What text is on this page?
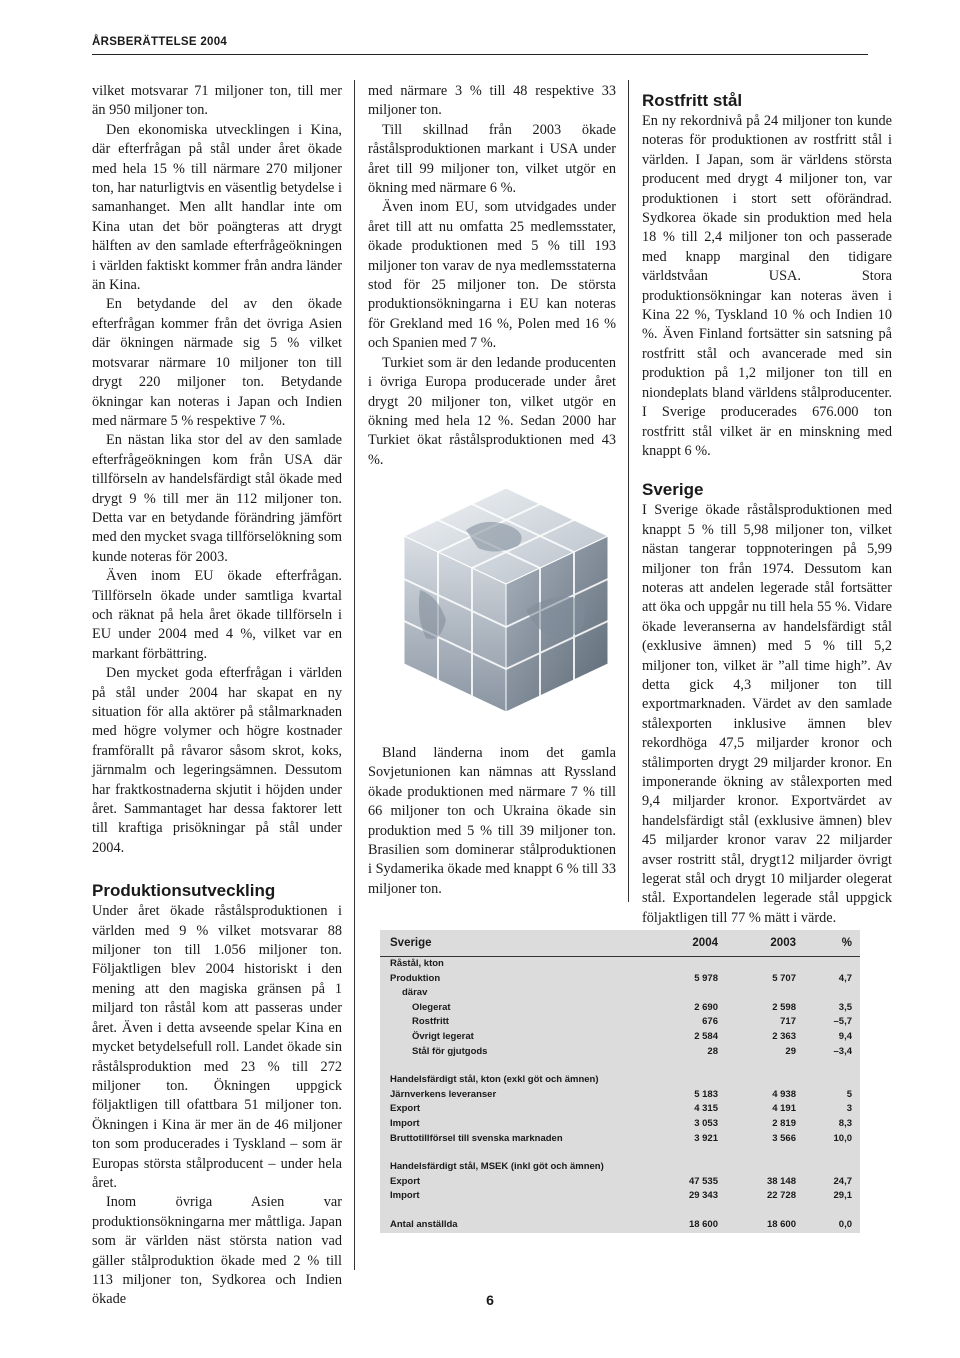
ÅRSBERÄTTELSE 2004

vilket motsvarar 71 miljoner ton, till mer än 950 miljoner ton.

Den ekonomiska utvecklingen i Kina, där efterfrågan på stål under året ökade med hela 15 % till närmare 270 miljoner ton, har naturligtvis en väsentlig betydelse i samanhanget. Men allt handlar inte om Kina utan det bör poängteras att drygt hälften av den samlade efterfrågeökningen i världen faktiskt kommer från andra länder än Kina.

En betydande del av den ökade efterfrågan kommer från det övriga Asien där ökningen närmade sig 5 % vilket motsvarar närmare 10 miljoner ton till drygt 220 miljoner ton. Betydande ökningar kan noteras i Japan och Indien med närmare 5 % respektive 7 %.

En nästan lika stor del av den samlade efterfrågeökningen kom från USA där tillförseln av handelsfärdigt stål ökade med drygt 9 % till mer än 112 miljoner ton. Detta var en betydande förändring jämfört med den mycket svaga tillförselökning som kunde noteras för 2003.

Även inom EU ökade efterfrågan. Tillförseln ökade under samtliga kvartal och räknat på hela året ökade tillförseln i EU under 2004 med 4 %, vilket var en markant förbättring.

Den mycket goda efterfrågan i världen på stål under 2004 har skapat en ny situation för alla aktörer på stålmarknaden med högre volymer och högre kostnader framförallt på råvaror såsom skrot, koks, järnmalm och legeringsämnen. Dessutom har fraktkostnaderna skjutit i höjden under året. Sammantaget har dessa faktorer lett till kraftiga prisökningar på stål under 2004.

Produktionsutveckling

Under året ökade råstålsproduktionen i världen med 9 % vilket motsvarar 88 miljoner ton till 1.056 miljoner ton. Följaktligen blev 2004 historiskt i den mening att den magiska gränsen på 1 miljard ton råstål kom att passeras under året. Även i detta avseende spelar Kina en mycket betydelsefull roll. Landet ökade sin råstålsproduktion med 23 % till 272 miljoner ton. Ökningen uppgick följaktligen till ofattbara 51 miljoner ton. Ökningen i Kina är mer än de 46 miljoner ton som producerades i Tyskland – som är Europas största stålproducent – under hela året.

Inom övriga Asien var produktionsökningarna mer måttliga. Japan som är världen näst största nation vad gäller stålproduktion ökade med 2 % till 113 miljoner ton, Sydkorea och Indien ökade

med närmare 3 % till 48 respektive 33 miljoner ton.

Till skillnad från 2003 ökade råstålsproduktionen markant i USA under året till 99 miljoner ton, vilket utgör en ökning med närmare 6 %.

Även inom EU, som utvidgades under året till att nu omfatta 25 medlemsstater, ökade produktionen med 5 % till 193 miljoner ton varav de nya medlemsstaterna stod för 25 miljoner ton. De största produktionsökningarna i EU kan noteras för Grekland med 16 %, Polen med 16 % och Spanien med 7 %.

Turkiet som är den ledande producenten i övriga Europa producerade under året drygt 20 miljoner ton, vilket utgör en ökning med hela 12 %. Sedan 2000 har Turkiet ökat råstålsproduktionen med 43 %.

Bland länderna inom det gamla Sovjetunionen kan nämnas att Ryssland ökade produktionen med närmare 7 % till 66 miljoner ton och Ukraina ökade sin produktion med 5 % till 39 miljoner ton. Brasilien som dominerar stålproduktionen i Sydamerika ökade med knappt 6 % till 33 miljoner ton.

Rostfritt stål

En ny rekordnivå på 24 miljoner ton kunde noteras för produktionen av rostfritt stål i världen. I Japan, som är världens största producent med drygt 4 miljoner ton, var produktionen i stort sett oförändrad. Sydkorea ökade sin produktion med hela 18 % till 2,4 miljoner ton och passerade med knapp marginal den tidigare världstvåan USA. Stora produktionsökningar kan noteras även i Kina 22 %, Tyskland 10 % och Indien 10 %. Även Finland fortsätter sin satsning på rostfritt stål och avancerade med sin produktion på 1,2 miljoner ton till en niondeplats bland världens stålproducenter. I Sverige producerades 676.000 ton rostfritt stål vilket är en minskning med knappt 6 %.

Sverige

I Sverige ökade råstålsproduktionen med knappt 5 % till 5,98 miljoner ton, vilket nästan tangerar toppnoteringen på 5,99 miljoner ton från 1974. Dessutom kan noteras att andelen legerade stål fortsätter att öka och uppgår nu till hela 55 %. Vidare ökade leveranserna av handelsfärdigt stål (exklusive ämnen) med 5 % till 5,2 miljoner ton, vilket är ”all time high”. Av detta gick 4,3 miljoner ton till exportmarknaden. Värdet av den samlade stålexporten inklusive ämnen blev rekordhöga 47,5 miljarder kronor och stålimporten drygt 29 miljarder kronor. En imponerande ökning av stålexporten med 9,4 miljarder kronor. Exportvärdet av handelsfärdigt stål (exklusive ämnen) blev 45 miljarder kronor varav 22 miljarder avser rostritt stål, drygt12 miljarder övrigt legerat stål och drygt 10 miljarder olegerat stål. Exportandelen legerade stål uppgick följaktligen till 77 % mätt i värde.

	Sverige	2004	2003	%	
	Råstål, kton				
	Produktion	5 978	5 707	4,7	
	därav				
	Olegerat	2 690	2 598	3,5	
	Rostfritt	676	717	–5,7	
	Övrigt legerat	2 584	2 363	9,4	
	Stål för gjutgods	28	29	–3,4	

	Handelsfärdigt stål, kton (exkl göt och ämnen)				
	Järnverkens leveranser	5 183	4 938	5	
	Export	4 315	4 191	3	
	Import	3 053	2 819	8,3	
	Bruttotillförsel till svenska marknaden	3 921	3 566	10,0	

	Handelsfärdigt stål, MSEK (inkl göt och ämnen)				
	Export	47 535	38 148	24,7	
	Import	29 343	22 728	29,1	

	Antal anställda	18 600	18 600	0,0	
6
